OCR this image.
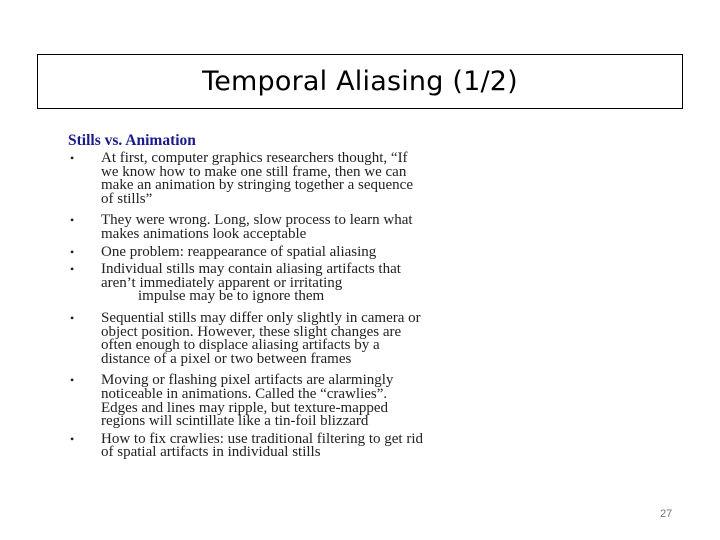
Temporal Aliasing (1/2)
Stills vs. Animation
• At first, computer graphics researchers thought, “If
we know how to make one still frame, then we can
make an animation by stringing together a sequence
of stills”
• They were wrong. Long, slow process to learn what
makes animations look acceptable
• One problem: reappearance of spatial aliasing
• Individual stills may contain aliasing artifacts that
aren’t immediately apparent or irritating
impulse may be to ignore them
• Sequential stills may differ only slightly in camera or
object position. However, these slight changes are
often enough to displace aliasing artifacts by a
distance of a pixel or two between frames
• Moving or flashing pixel artifacts are alarmingly
noticeable in animations. Called the “crawlies”.
Edges and lines may ripple, but texture-mapped
regions will scintillate like a tin-foil blizzard
• How to fix crawlies: use traditional filtering to get rid
of spatial artifacts in individual stills
27
